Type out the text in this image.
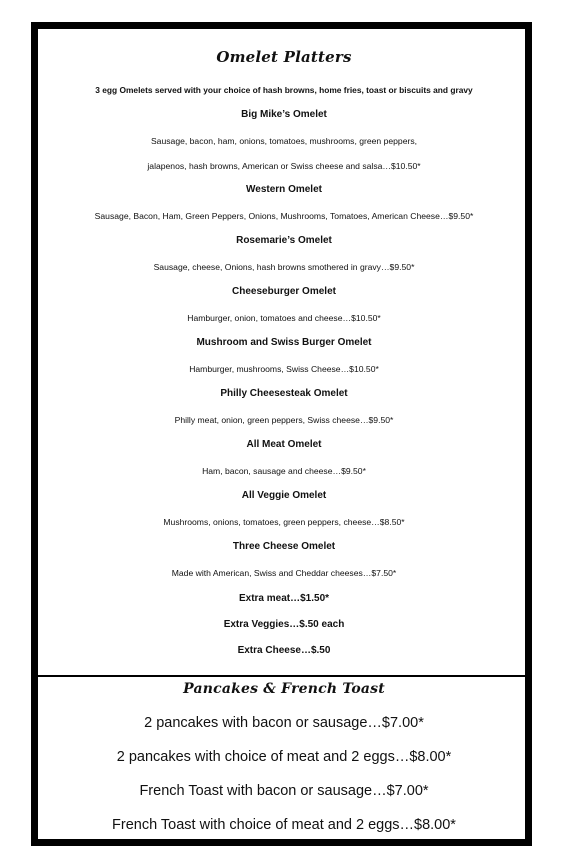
Omelet Platters
3 egg Omelets served with your choice of hash browns, home fries, toast or biscuits and gravy
Big Mike’s Omelet
Sausage, bacon, ham, onions, tomatoes, mushrooms, green peppers,
jalapenos, hash browns, American or Swiss cheese and salsa…$10.50*
Western Omelet
Sausage, Bacon, Ham, Green Peppers, Onions, Mushrooms, Tomatoes, American Cheese…$9.50*
Rosemarie’s Omelet
Sausage, cheese, Onions, hash browns smothered in gravy…$9.50*
Cheeseburger Omelet
Hamburger, onion, tomatoes and cheese…$10.50*
Mushroom and Swiss Burger Omelet
Hamburger, mushrooms, Swiss Cheese…$10.50*
Philly Cheesesteak Omelet
Philly meat, onion, green peppers, Swiss cheese…$9.50*
All Meat Omelet
Ham, bacon, sausage and cheese…$9.50*
All Veggie Omelet
Mushrooms, onions, tomatoes, green peppers, cheese…$8.50*
Three Cheese Omelet
Made with American, Swiss and Cheddar cheeses…$7.50*
Extra meat…$1.50*
Extra Veggies…$.50 each
Extra Cheese…$.50
Pancakes & French Toast
2 pancakes with bacon or sausage…$7.00*
2 pancakes with choice of meat and 2 eggs…$8.00*
French Toast with bacon or sausage…$7.00*
French Toast with choice of meat and 2 eggs…$8.00*
